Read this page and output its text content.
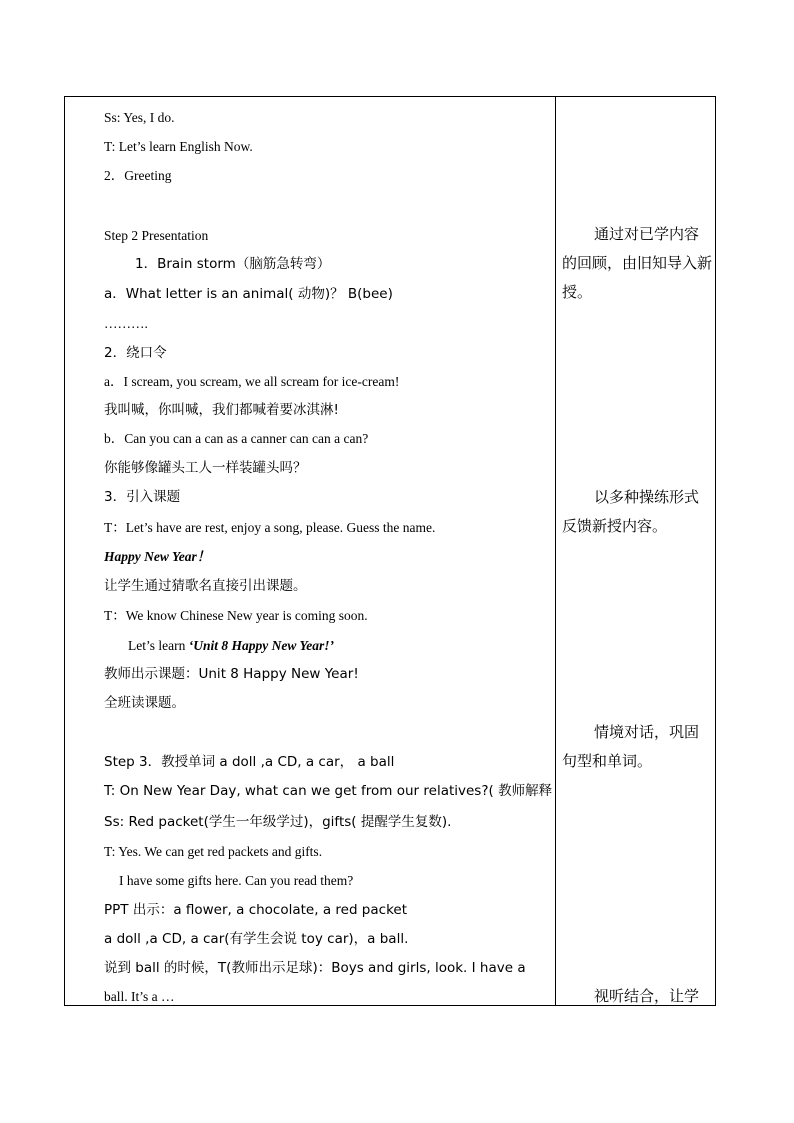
Ss: Yes, I do.
T: Let’s learn English Now.
2．Greeting
Step 2 Presentation
1．Brain storm（脑筋急转弯）
a．What letter is an animal( 动物)？ B(bee)
……….
2．绕口令
a．I scream, you scream, we all scream for ice-cream!
我叫喊，你叫喊，我们都喊着要冰淇淋!
b．Can you can a can as a canner can can a can?
你能够像罐头工人一样装罐头吗？
3．引入课题
T：Let’s have are rest, enjoy a song, please. Guess the name.
Happy New Year！
让学生通过猜歌名直接引出课题。
T：We know Chinese New year is coming soon.
Let’s learn ‘Unit 8 Happy New Year!’
教师出示课题：Unit 8 Happy New Year!
全班读课题。
Step 3．教授单词 a doll ,a CD, a car， a ball
T: On New Year Day, what can we get from our relatives?( 教师解释
Ss: Red packet(学生一年级学过)，gifts( 提醒学生复数).
T: Yes. We can get red packets and gifts.
I have some gifts here. Can you read them?
PPT 出示：a flower, a chocolate, a red packet
a doll ,a CD, a car(有学生会说 toy car)，a ball.
说到 ball 的时候，T(教师出示足球)：Boys and girls, look. I have a
ball. It’s a …
通过对已学内容
的回顾，由旧知导入新授。
以多种操练形式
反馈新授内容。
情境对话，巩固
句型和单词。
视听结合，让学
